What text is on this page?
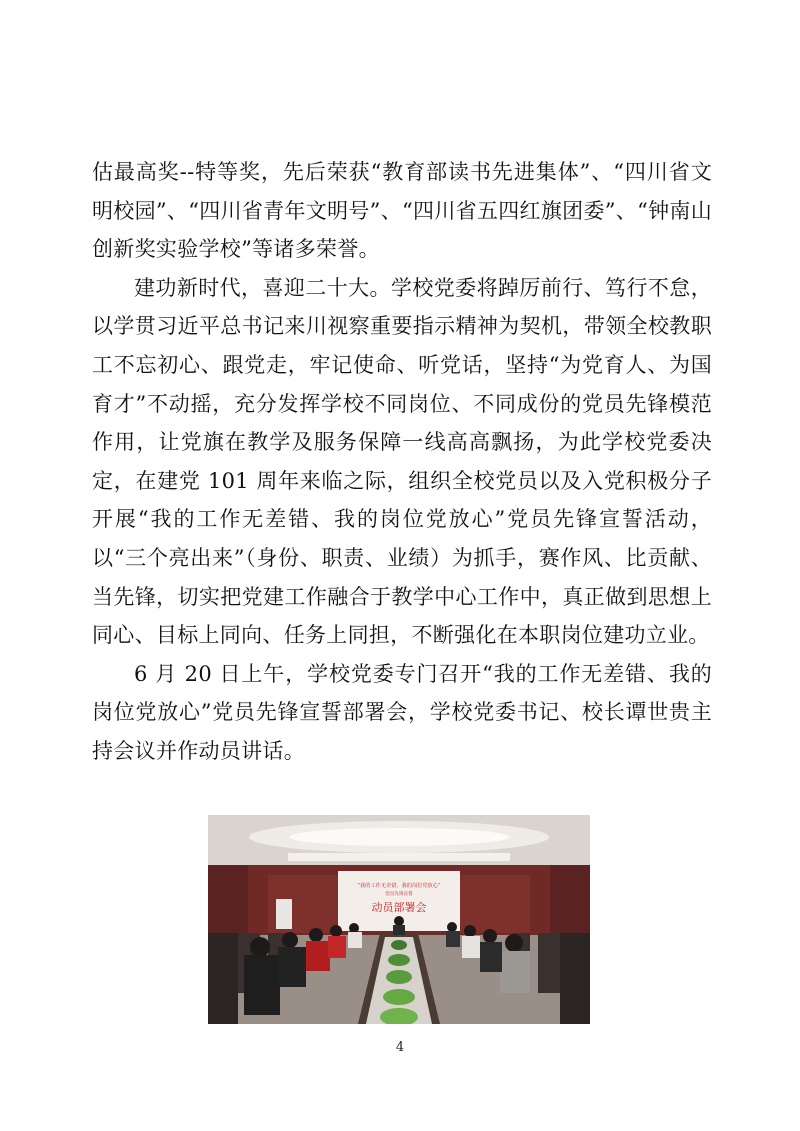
估最高奖--特等奖，先后荣获“教育部读书先进集体”、“四川省文明校园”、“四川省青年文明号”、“四川省五四红旗团委”、“钟南山创新奖实验学校”等诸多荣誉。

建功新时代，喜迎二十大。学校党委将踔厉前行、笃行不怠，以学贯习近平总书记来川视察重要指示精神为契机，带领全校教职工不忘初心、跟党走，牢记使命、听党话，坚持“为党育人、为国育才”不动摇，充分发挥学校不同岗位、不同成份的党员先锋模范作用，让党旗在教学及服务保障一线高高飘扬，为此学校党委决定，在建党 101 周年来临之际，组织全校党员以及入党积极分子开展“我的工作无差错、我的岗位党放心”党员先锋宣誓活动，以“三个亮出来”（身份、职责、业绩）为抓手，赛作风、比贡献、当先锋，切实把党建工作融合于教学中心工作中，真正做到思想上同心、目标上同向、任务上同担，不断强化在本职岗位建功立业。

6 月 20 日上午，学校党委专门召开“我的工作无差错、我的岗位党放心”党员先锋宣誓部署会，学校党委书记、校长谭世贵主持会议并作动员讲话。

“我的工作无差错、我的岗位党放心”
党员先锋宣誓
动员部署会
4
